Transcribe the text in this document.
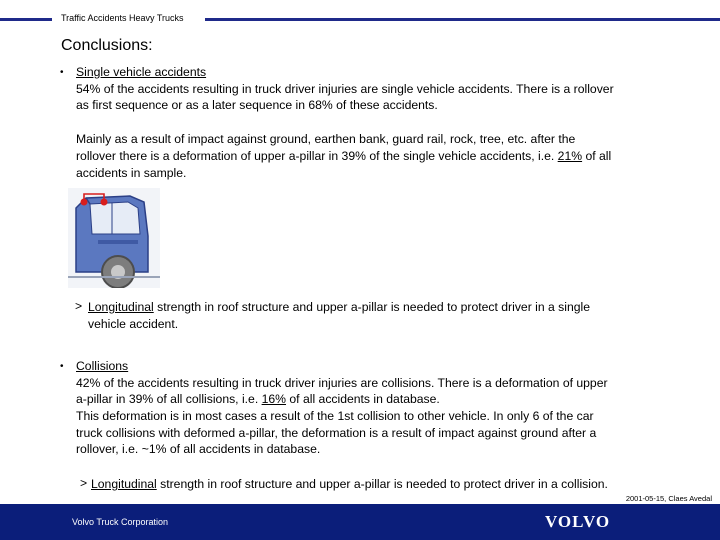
Traffic Accidents Heavy Trucks
Conclusions:
• Single vehicle accidents

54% of the accidents resulting in truck driver injuries are single vehicle accidents. There is a rollover

as first sequence or as a later sequence in 68% of these accidents.

Mainly as a result of impact against ground, earthen bank, guard rail, rock, tree, etc. after the

rollover there is a deformation of upper a-pillar in 39% of the single vehicle accidents, i.e. 21% of all

accidents in sample.

> Longitudinal strength in roof structure and upper a-pillar is needed to protect driver in a single

vehicle accident.

• Collisions

42% of the accidents resulting in truck driver injuries are collisions. There is a deformation of upper

a-pillar in 39% of all collisions, i.e. 16% of all accidents in database.

This deformation is in most cases a result of the 1st collision to other vehicle. In only 6 of the car

truck collisions with deformed a-pillar, the deformation is a result of impact against ground after a

rollover, i.e. ~1% of all accidents in database.

> Longitudinal strength in roof structure and upper a-pillar is needed to protect driver in a collision.

2001-05-15, Claes Avedal
Volvo Truck Corporation	VOLVO
